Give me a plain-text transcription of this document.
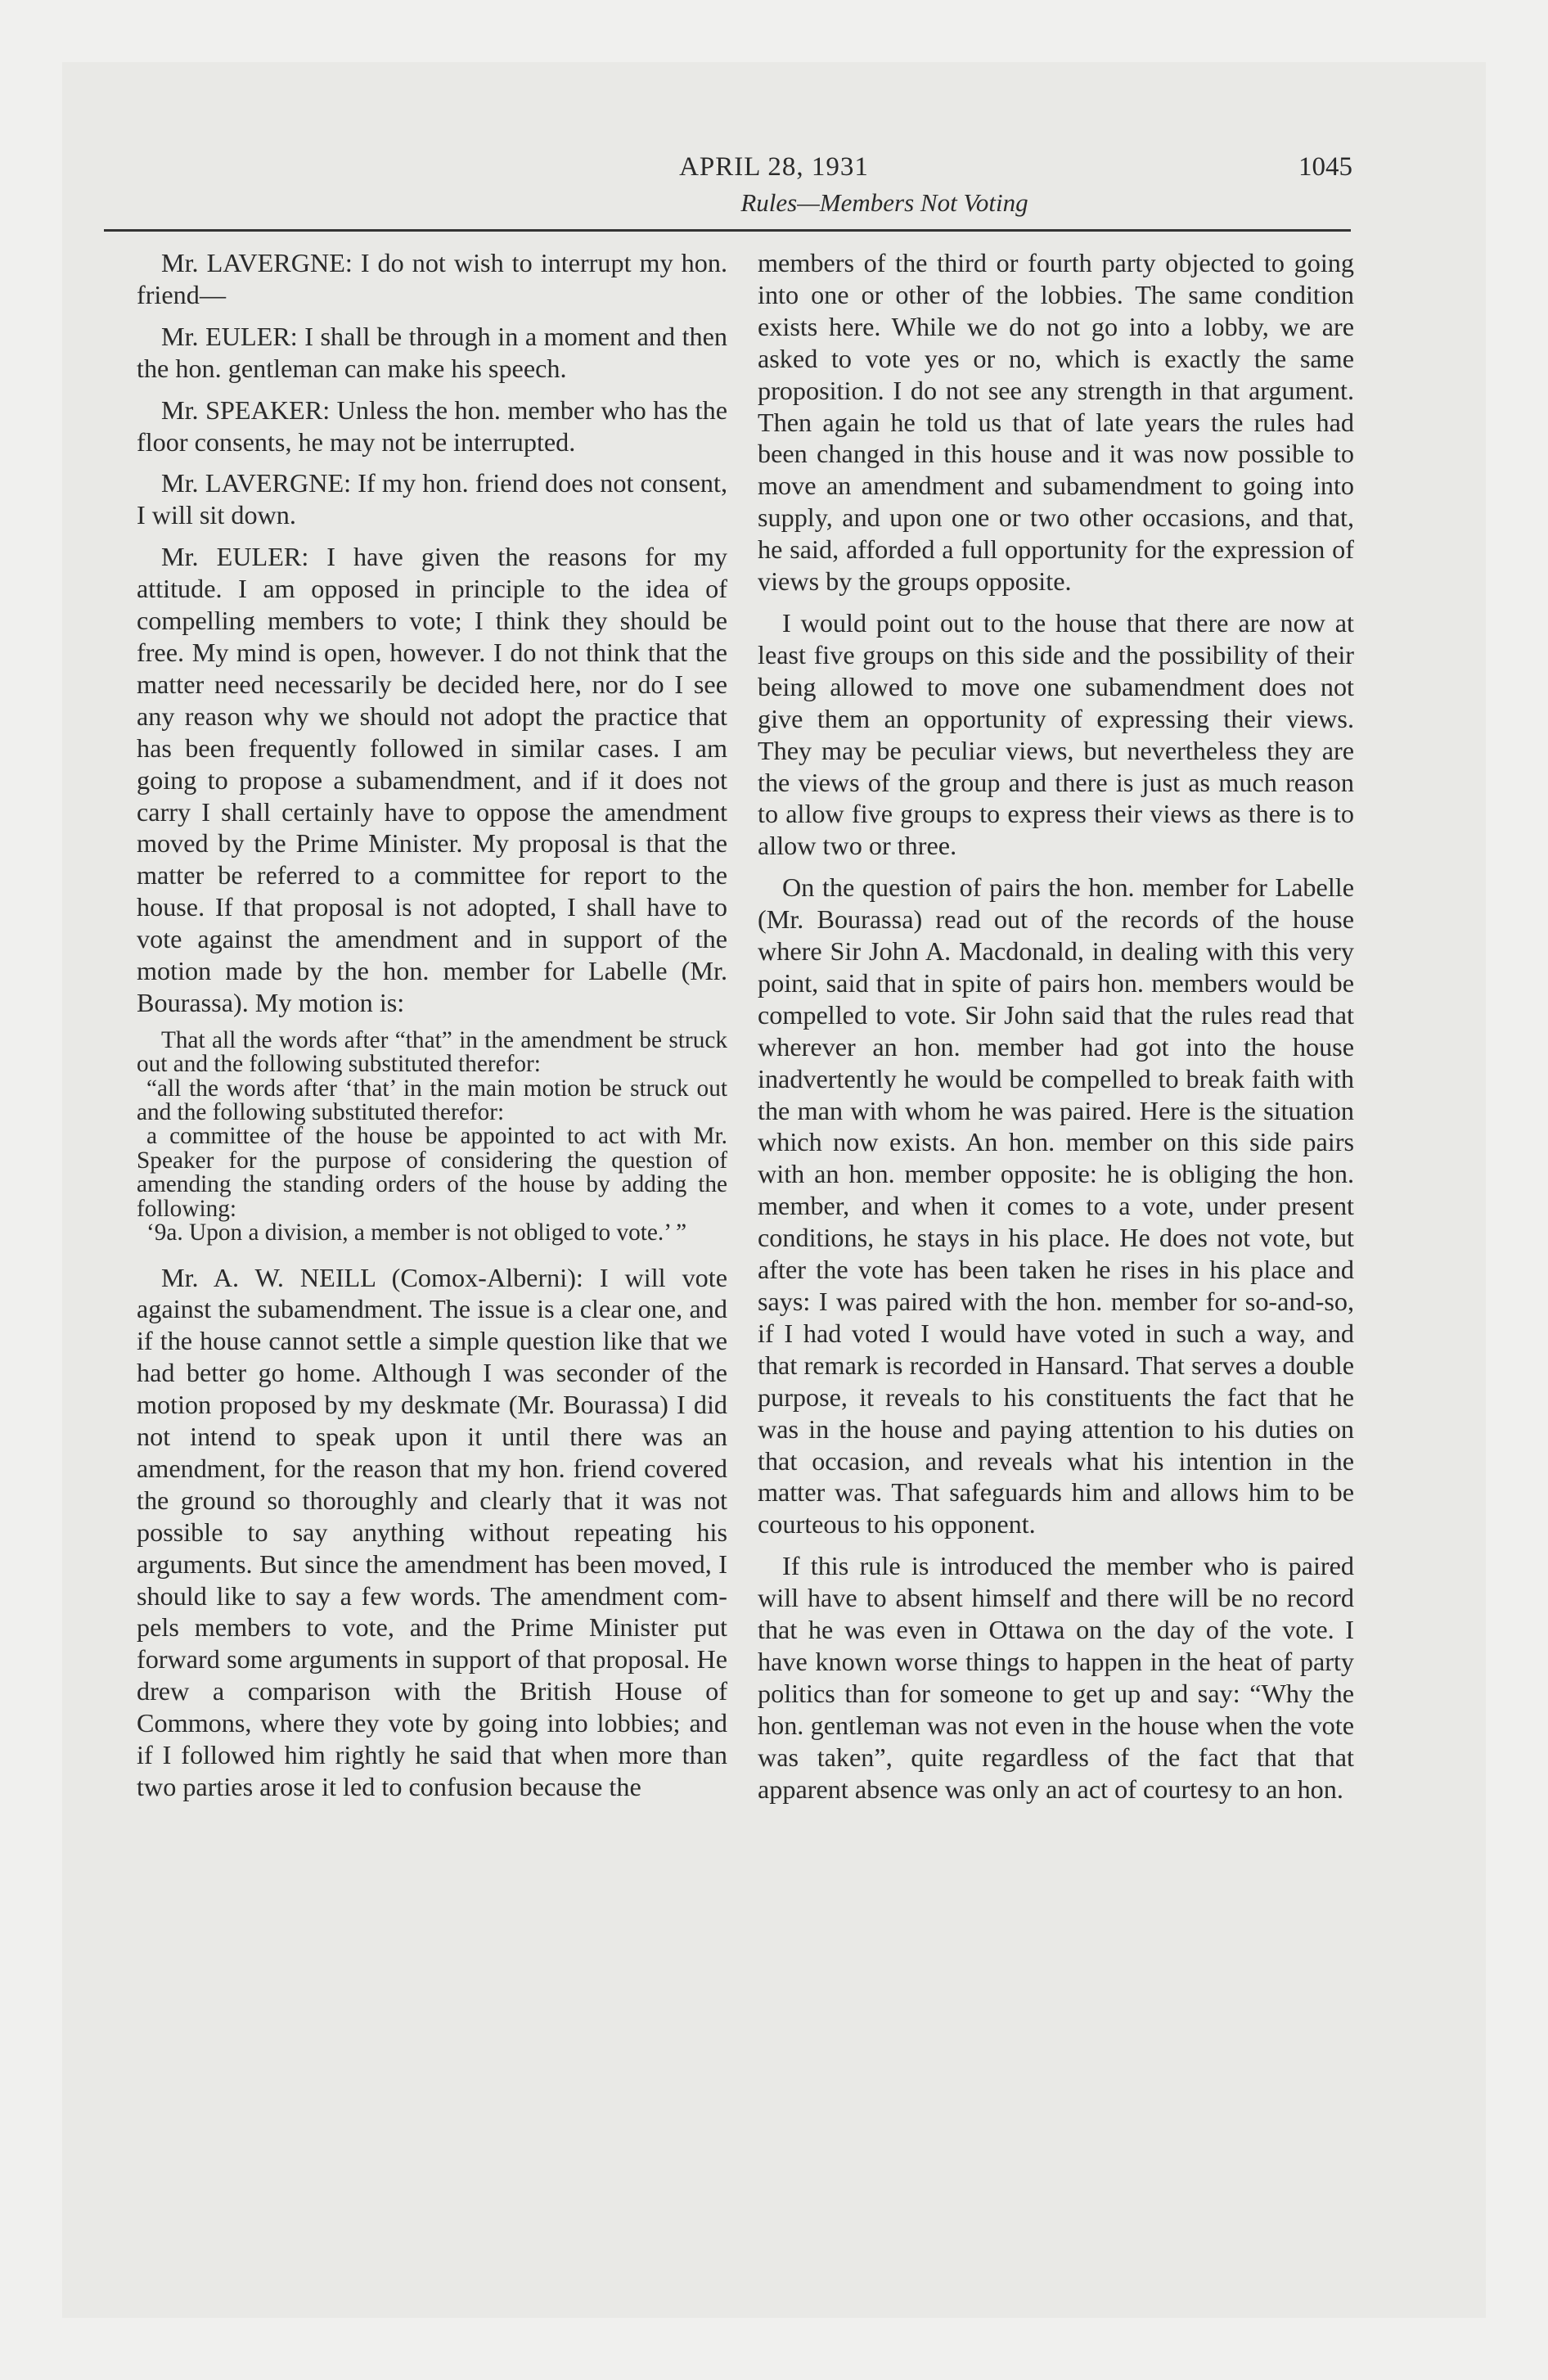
APRIL 28, 1931	1045
Rules—Members Not Voting

Mr. LAVERGNE: I do not wish to interrupt my hon. friend—

Mr. EULER: I shall be through in a moment and then the hon. gentleman can make his speech.

Mr. SPEAKER: Unless the hon. member who has the floor consents, he may not be interrupted.

Mr. LAVERGNE: If my hon. friend does not consent, I will sit down.

Mr. EULER: I have given the reasons for my attitude. I am opposed in principle to the idea of compelling members to vote; I think they should be free. My mind is open, however. I do not think that the matter need necessarily be decided here, nor do I see any reason why we should not adopt the practice that has been frequently followed in similar cases. I am going to propose a subamendment, and if it does not carry I shall certainly have to oppose the amendment moved by the Prime Minister. My proposal is that the matter be referred to a committee for report to the house. If that proposal is not adopted, I shall have to vote against the amendment and in support of the motion made by the hon. member for Labelle (Mr. Bourassa). My motion is:

That all the words after “that” in the amendment be struck out and the following substituted therefor:

“all the words after ‘that’ in the main motion be struck out and the following substituted therefor:

a committee of the house be appointed to act with Mr. Speaker for the purpose of considering the question of amending the standing orders of the house by adding the following:

‘9a. Upon a division, a member is not obliged to vote.’ ”

Mr. A. W. NEILL (Comox-Alberni): I will vote against the subamendment. The issue is a clear one, and if the house cannot settle a simple question like that we had better go home. Although I was seconder of the motion proposed by my deskmate (Mr. Bourassa) I did not intend to speak upon it until there was an amendment, for the reason that my hon. friend covered the ground so thoroughly and clearly that it was not possible to say anything without repeating his arguments. But since the amendment has been moved, I should like to say a few words. The amendment compels members to vote, and the Prime Minister put forward some arguments in support of that proposal. He drew a comparison with the British House of Commons, where they vote by going into lobbies; and if I followed him rightly he said that when more than two parties arose it led to confusion because the

members of the third or fourth party objected to going into one or other of the lobbies. The same condition exists here. While we do not go into a lobby, we are asked to vote yes or no, which is exactly the same proposition. I do not see any strength in that argument. Then again he told us that of late years the rules had been changed in this house and it was now possible to move an amendment and subamendment to going into supply, and upon one or two other occasions, and that, he said, afforded a full opportunity for the expression of views by the groups opposite.

I would point out to the house that there are now at least five groups on this side and the possibility of their being allowed to move one subamendment does not give them an opportunity of expressing their views. They may be peculiar views, but nevertheless they are the views of the group and there is just as much reason to allow five groups to express their views as there is to allow two or three.

On the question of pairs the hon. member for Labelle (Mr. Bourassa) read out of the records of the house where Sir John A. Macdonald, in dealing with this very point, said that in spite of pairs hon. members would be compelled to vote. Sir John said that the rules read that wherever an hon. member had got into the house inadvertently he would be compelled to break faith with the man with whom he was paired. Here is the situation which now exists. An hon. member on this side pairs with an hon. member opposite: he is obliging the hon. member, and when it comes to a vote, under present conditions, he stays in his place. He does not vote, but after the vote has been taken he rises in his place and says: I was paired with the hon. member for so-and-so, if I had voted I would have voted in such a way, and that remark is recorded in Hansard. That serves a double purpose, it reveals to his constituents the fact that he was in the house and paying attention to his duties on that occasion, and reveals what his intention in the matter was. That safeguards him and allows him to be courteous to his opponent.

If this rule is introduced the member who is paired will have to absent himself and there will be no record that he was even in Ottawa on the day of the vote. I have known worse things to happen in the heat of party politics than for someone to get up and say: “Why the hon. gentleman was not even in the house when the vote was taken”, quite regardless of the fact that that apparent absence was only an act of courtesy to an hon.
